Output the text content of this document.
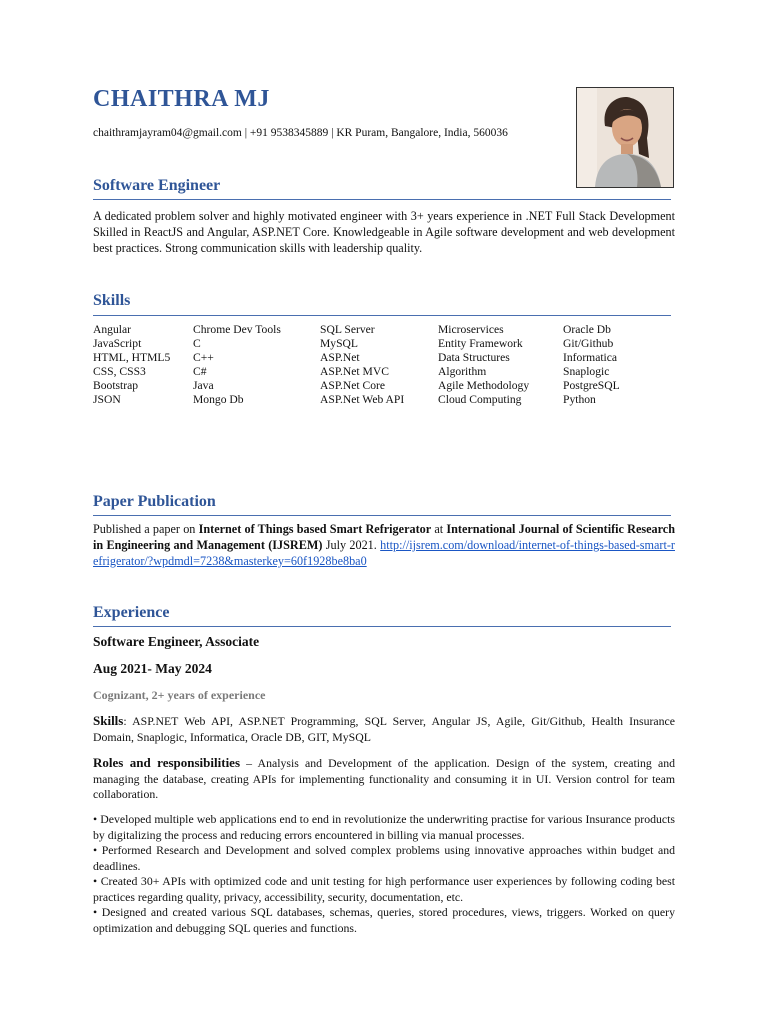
CHAITHRA MJ
chaithramjayram04@gmail.com | +91 9538345889 | KR Puram, Bangalore, India, 560036
Software Engineer

A dedicated problem solver and highly motivated engineer with 3+ years experience in .NET Full Stack Development Skilled in ReactJS and Angular, ASP.NET Core. Knowledgeable in Agile software development and web development best practices. Strong communication skills with leadership quality.

Skills
Angular
JavaScript
HTML, HTML5
CSS, CSS3
Bootstrap
JSON
Chrome Dev Tools
C
C++
C#
Java
Mongo Db
SQL Server
MySQL
ASP.Net
ASP.Net MVC
ASP.Net Core
ASP.Net Web API
Microservices
Entity Framework
Data Structures
Algorithm
Agile Methodology
Cloud Computing
Oracle Db
Git/Github
Informatica
Snaplogic
PostgreSQL
Python
Paper Publication

Published a paper on Internet of Things based Smart Refrigerator at International Journal of Scientific Research in Engineering and Management (IJSREM) July 2021. http://ijsrem.com/download/internet-of-things-based-smart-refrigerator/?wpdmdl=7238&masterkey=60f1928be8ba0

Experience
Software Engineer, Associate
Aug 2021- May 2024
Cognizant, 2+ years of experience

Skills: ASP.NET Web API, ASP.NET Programming, SQL Server, Angular JS, Agile, Git/Github, Health Insurance Domain, Snaplogic, Informatica, Oracle DB, GIT, MySQL

Roles and responsibilities – Analysis and Development of the application. Design of the system, creating and managing the database, creating APIs for implementing functionality and consuming it in UI. Version control for team collaboration.

• Developed multiple web applications end to end in revolutionize the underwriting practise for various Insurance products by digitalizing the process and reducing errors encountered in billing via manual processes.
• Performed Research and Development and solved complex problems using innovative approaches within budget and deadlines.
• Created 30+ APIs with optimized code and unit testing for high performance user experiences by following coding best practices regarding quality, privacy, accessibility, security, documentation, etc.
• Designed and created various SQL databases, schemas, queries, stored procedures, views, triggers. Worked on query optimization and debugging SQL queries and functions.
